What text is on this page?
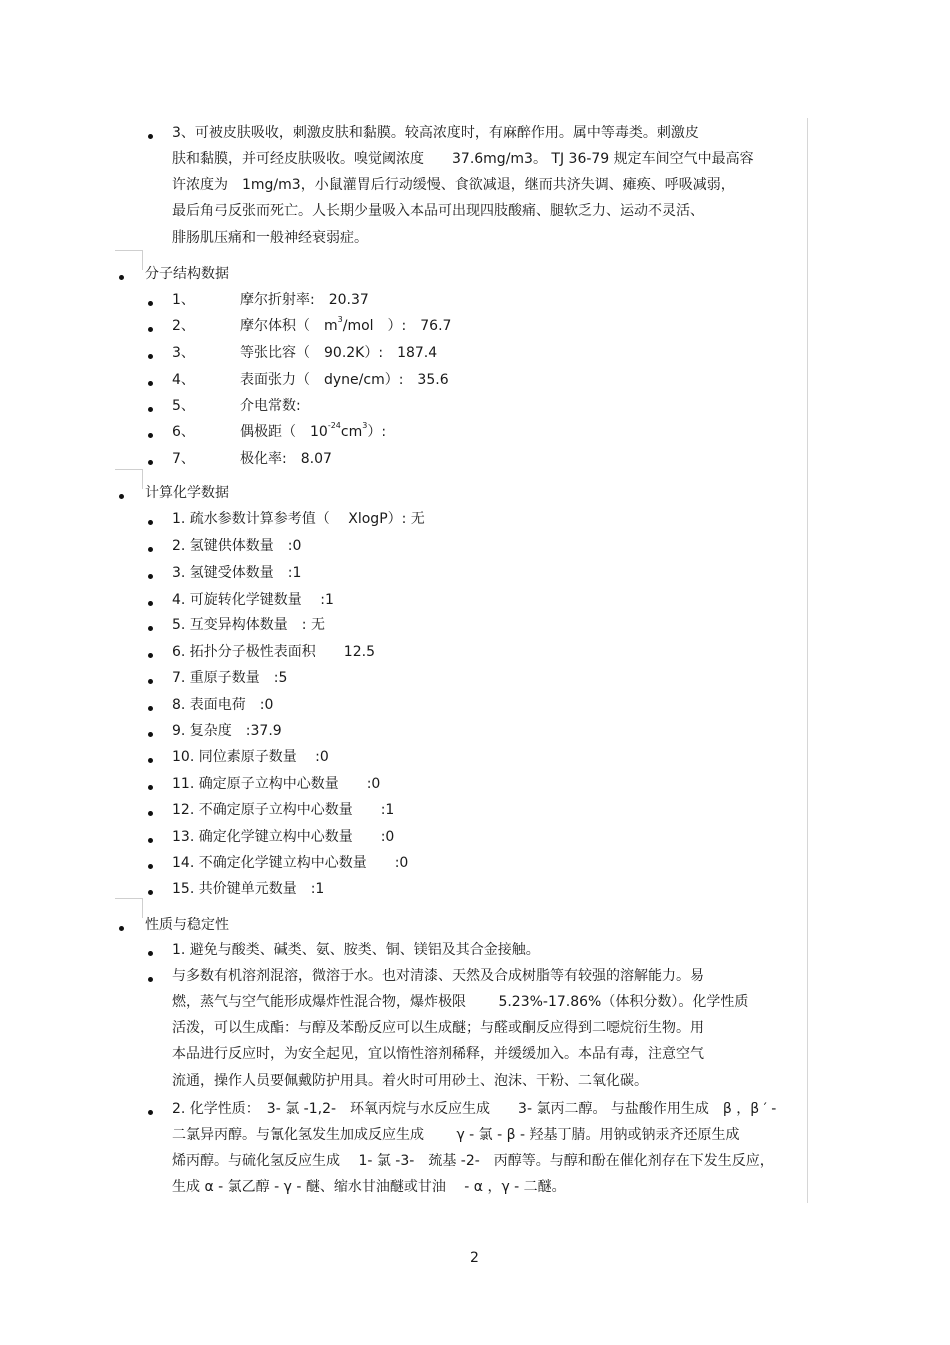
3、可被皮肤吸收，刺激皮肤和黏膜。较高浓度时，有麻醉作用。属中等毒类。刺激皮
肤和黏膜，并可经皮肤吸收。嗅觉阈浓度　　37.6mg/m3。 TJ 36-79 规定车间空气中最高容
许浓度为　1mg/m3，小鼠灌胃后行动缓慢、食欲减退，继而共济失调、瘫痪、呼吸减弱，
最后角弓反张而死亡。人长期少量吸入本品可出现四肢酸痛、腿软乏力、运动不灵活、
腓肠肌压痛和一般神经衰弱症。
分子结构数据
1、	摩尔折射率:　20.37
2、	摩尔体积（　$m^3$/mol　）:　76.7
3、	等张比容（　90.2K）:　187.4
4、	表面张力（　dyne/cm）:　35.6
5、	介电常数:
6、	偶极距（　$10^{-24}cm^3$）:
7、	极化率:　8.07
计算化学数据
1. 疏水参数计算参考值（　 XlogP）: 无
2. 氢键供体数量　:0
3. 氢键受体数量　:1
4. 可旋转化学键数量　 :1
5. 互变异构体数量　: 无
6. 拓扑分子极性表面积　　12.5
7. 重原子数量　:5
8. 表面电荷　:0
9. 复杂度　:37.9
10. 同位素原子数量　 :0
11. 确定原子立构中心数量　　:0
12. 不确定原子立构中心数量　　:1
13. 确定化学键立构中心数量　　:0
14. 不确定化学键立构中心数量　　:0
15. 共价键单元数量　:1
性质与稳定性
1. 避免与酸类、碱类、氨、胺类、铜、镁铝及其合金接触。
与多数有机溶剂混溶，微溶于水。也对清漆、天然及合成树脂等有较强的溶解能力。易
燃，蒸气与空气能形成爆炸性混合物，爆炸极限　　 5.23%-17.86%（体积分数）。化学性质
活泼，可以生成酯：与醇及苯酚反应可以生成醚；与醛或酮反应得到二噁烷衍生物。用
本品进行反应时，为安全起见，宜以惰性溶剂稀释，并缓缓加入。本品有毒，注意空气
流通，操作人员要佩戴防护用具。着火时可用砂土、泡沫、干粉、二氧化碳。
2. 化学性质：　3- 氯 -1,2-　环氧丙烷与水反应生成　　3- 氯丙二醇。 与盐酸作用生成　β ，β ′ -
二氯异丙醇。与氰化氢发生加成反应生成　　 γ - 氯 - β - 羟基丁腈。用钠或钠汞齐还原生成
烯丙醇。与硫化氢反应生成　 1- 氯 -3-　巯基 -2-　丙醇等。与醇和酚在催化剂存在下发生反应，
生成 α - 氯乙醇 - γ - 醚、缩水甘油醚或甘油　 - α ，γ - 二醚。
2
